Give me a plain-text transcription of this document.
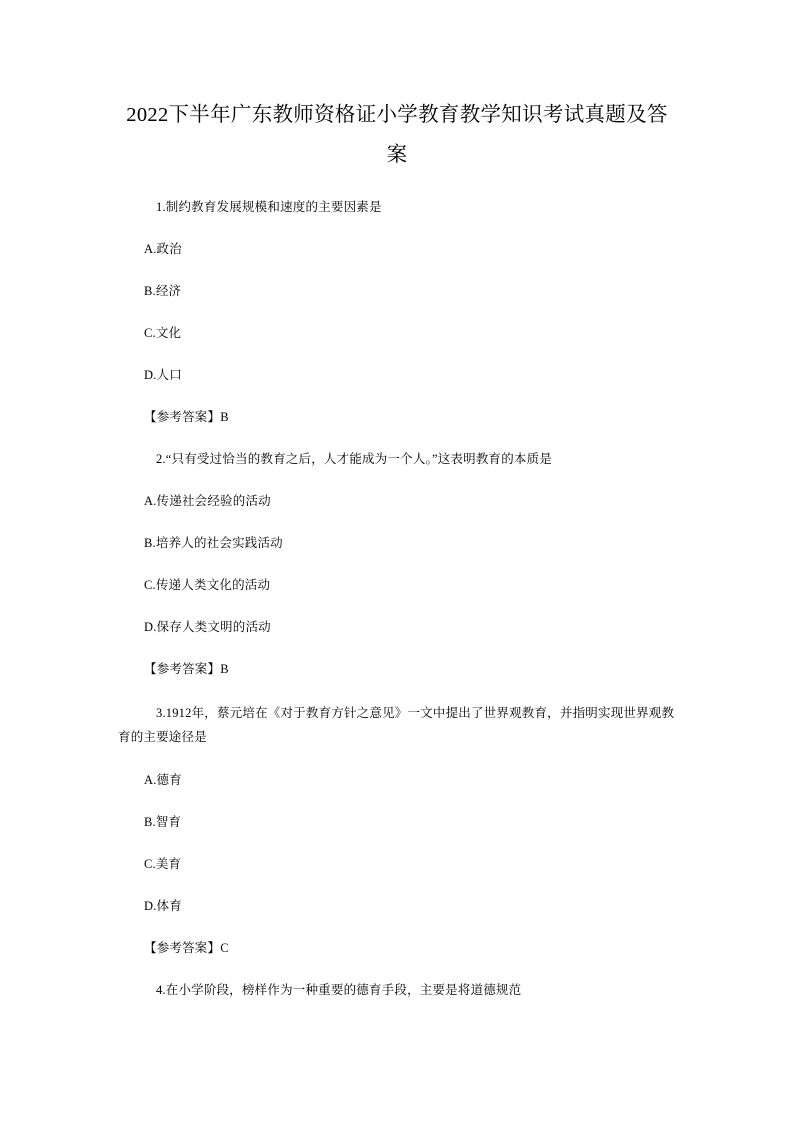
2022下半年广东教师资格证小学教育教学知识考试真题及答案

1.制约教育发展规模和速度的主要因素是

A.政治

B.经济

C.文化

D.人口

【参考答案】B

2.“只有受过恰当的教育之后，人才能成为一个人。”这表明教育的本质是

A.传递社会经验的活动

B.培养人的社会实践活动

C.传递人类文化的活动

D.保存人类文明的活动

【参考答案】B

3.1912年，蔡元培在《对于教育方针之意见》一文中提出了世界观教育，并指明实现世界观教育的主要途径是

A.德育

B.智育

C.美育

D.体育

【参考答案】C

4.在小学阶段，榜样作为一种重要的德育手段，主要是将道德规范
